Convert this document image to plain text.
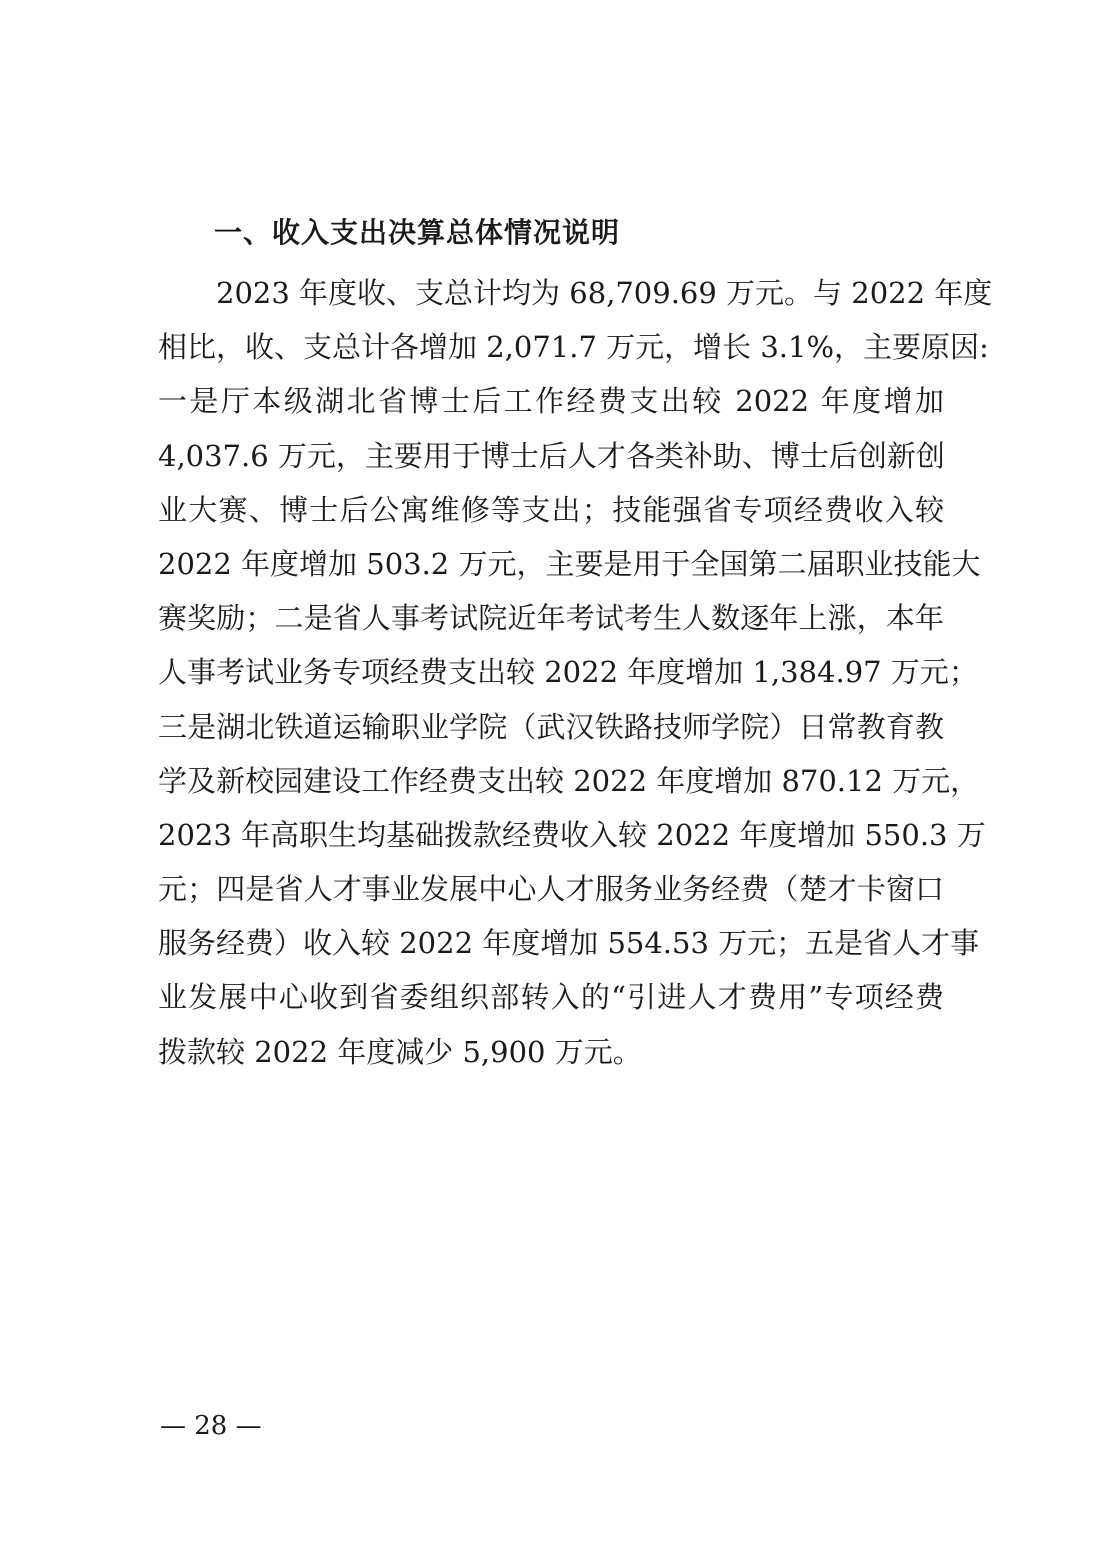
一、收入支出决算总体情况说明
2023 年度收、支总计均为 68,709.69 万元。与 2022 年度
相比，收、支总计各增加 2,071.7 万元，增长 3.1%，主要原因:
一是厅本级湖北省博士后工作经费支出较 2022 年度增加
4,037.6 万元，主要用于博士后人才各类补助、博士后创新创
业大赛、博士后公寓维修等支出；技能强省专项经费收入较
2022 年度增加 503.2 万元，主要是用于全国第二届职业技能大
赛奖励；二是省人事考试院近年考试考生人数逐年上涨，本年
人事考试业务专项经费支出较 2022 年度增加 1,384.97 万元；
三是湖北铁道运输职业学院（武汉铁路技师学院）日常教育教
学及新校园建设工作经费支出较 2022 年度增加 870.12 万元，
2023 年高职生均基础拨款经费收入较 2022 年度增加 550.3 万
元；四是省人才事业发展中心人才服务业务经费（楚才卡窗口
服务经费）收入较 2022 年度增加 554.53 万元；五是省人才事
业发展中心收到省委组织部转入的“引进人才费用”专项经费
拨款较 2022 年度减少 5,900 万元。
— 28 —
